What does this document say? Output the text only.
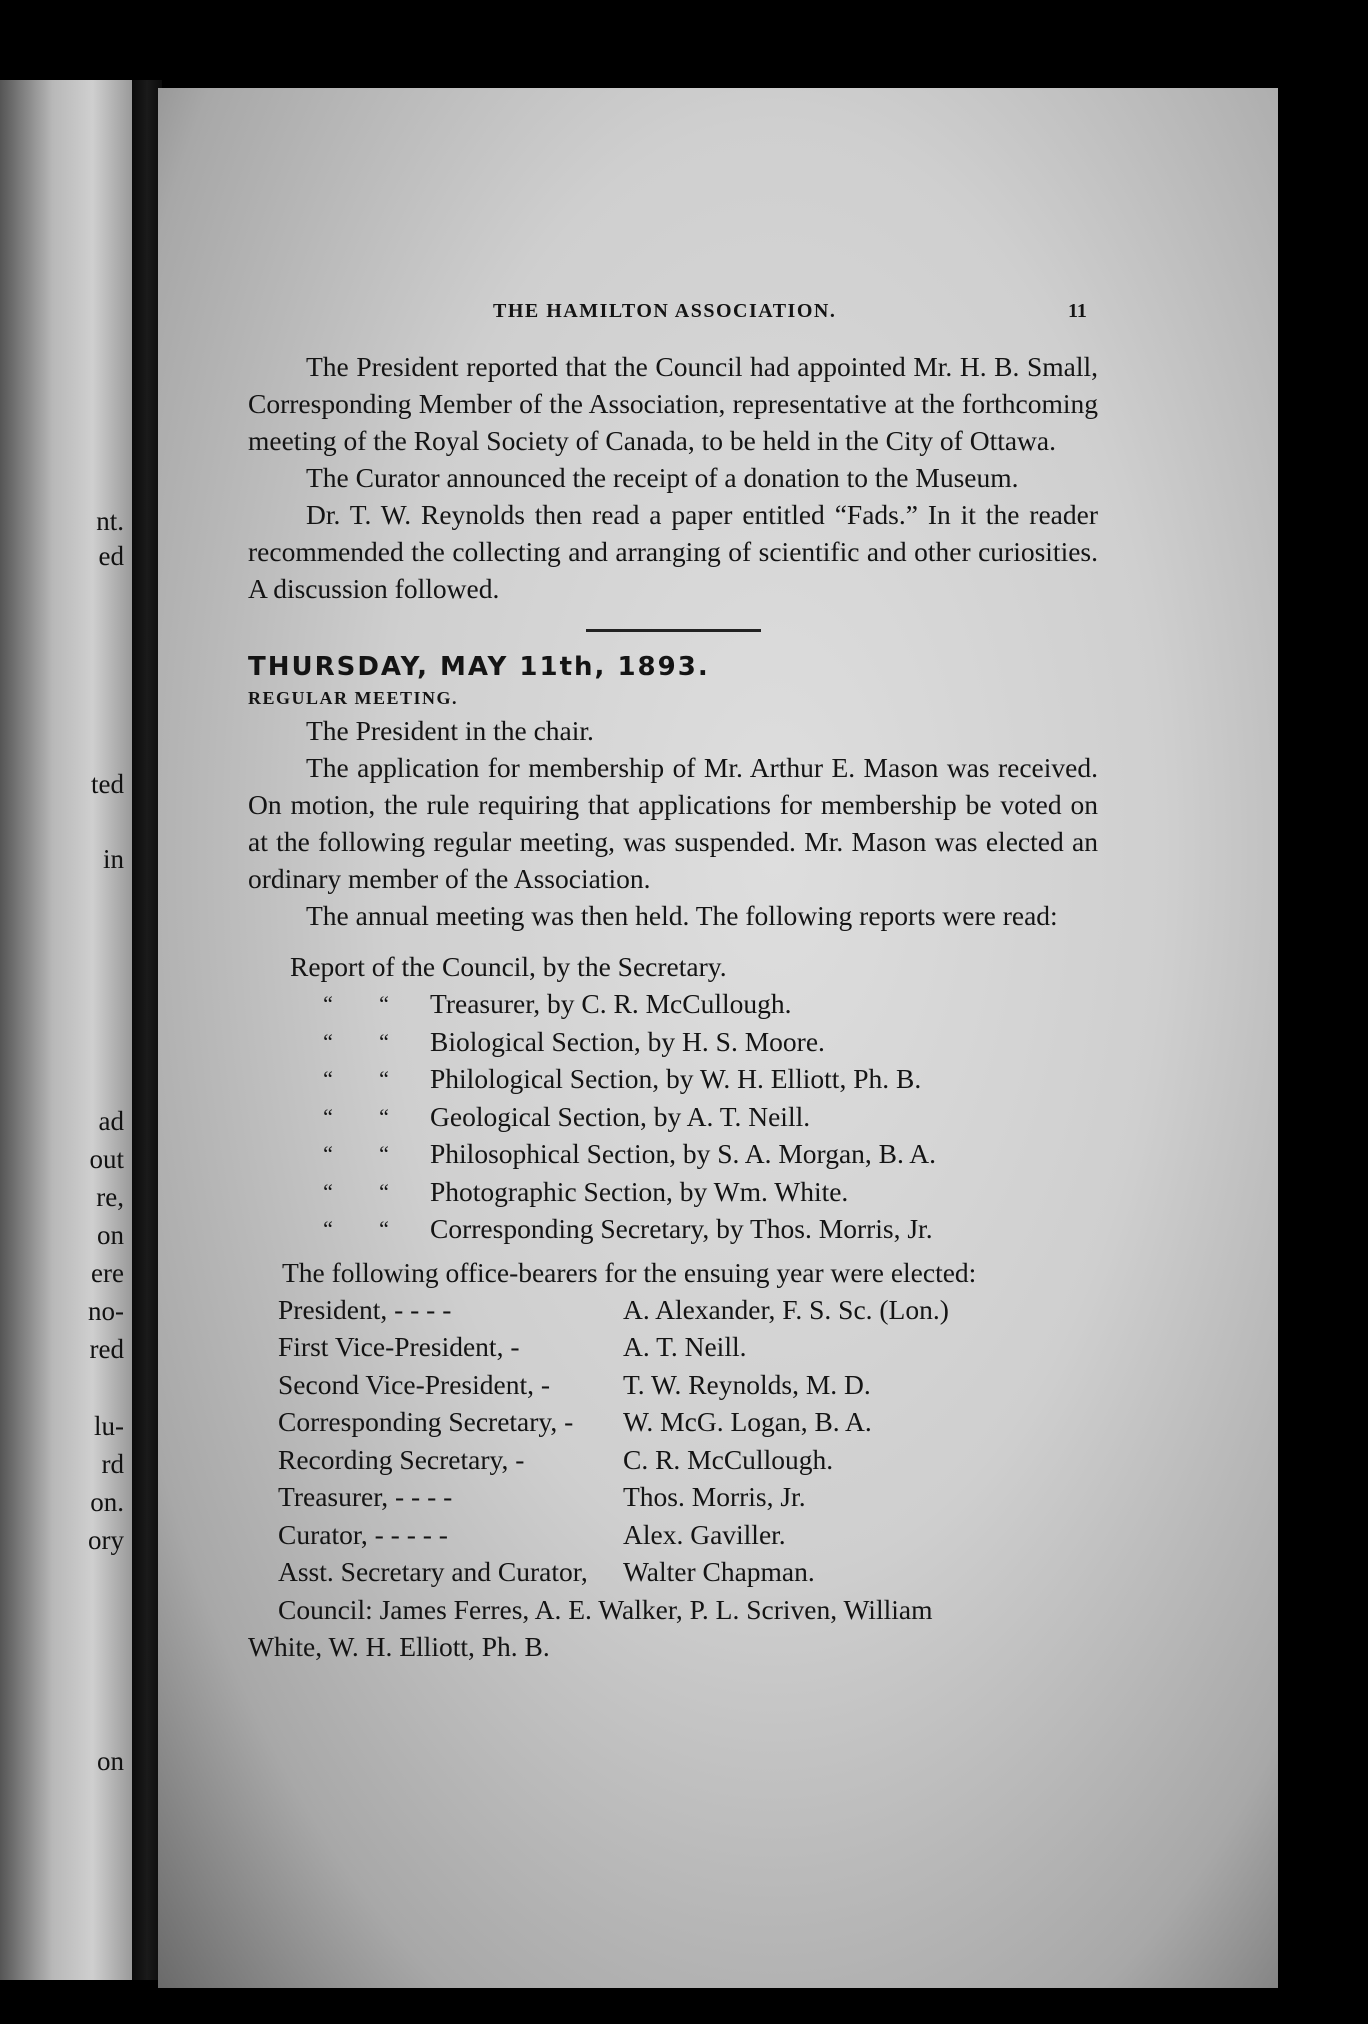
nt.

ed

ted

in

ad

out

re,

on

ere

no-

red

lu-

rd

on.

ory

on

THE HAMILTON ASSOCIATION.	11

The President reported that the Council had appointed Mr. H. B. Small, Corresponding Member of the Association, representative at the forthcoming meeting of the Royal Society of Canada, to be held in the City of Ottawa.

The Curator announced the receipt of a donation to the Museum.

Dr. T. W. Reynolds then read a paper entitled “Fads.” In it the reader recommended the collecting and arranging of scientific and other curiosities. A discussion followed.

THURSDAY, MAY 11th, 1893.

REGULAR MEETING.

The President in the chair.

The application for membership of Mr. Arthur E. Mason was received. On motion, the rule requiring that applications for membership be voted on at the following regular meeting, was suspended. Mr. Mason was elected an ordinary member of the Association.

The annual meeting was then held. The following reports were read:

Report of the Council, by the Secretary.

“	“	Treasurer, by C. R. McCullough.
“	“	Biological Section, by H. S. Moore.
“	“	Philological Section, by W. H. Elliott, Ph. B.
“	“	Geological Section, by A. T. Neill.
“	“	Philosophical Section, by S. A. Morgan, B. A.
“	“	Photographic Section, by Wm. White.
“	“	Corresponding Secretary, by Thos. Morris, Jr.

The following office-bearers for the ensuing year were elected:

President, - - - -	A. Alexander, F. S. Sc. (Lon.)
First Vice-President, -	A. T. Neill.
Second Vice-President, -	T. W. Reynolds, M. D.
Corresponding Secretary, -	W. McG. Logan, B. A.
Recording Secretary, -	C. R. McCullough.
Treasurer, - - - -	Thos. Morris, Jr.
Curator, - - - - -	Alex. Gaviller.
Asst. Secretary and Curator,	Walter Chapman.

Council: James Ferres, A. E. Walker, P. L. Scriven, William

White, W. H. Elliott, Ph. B.
